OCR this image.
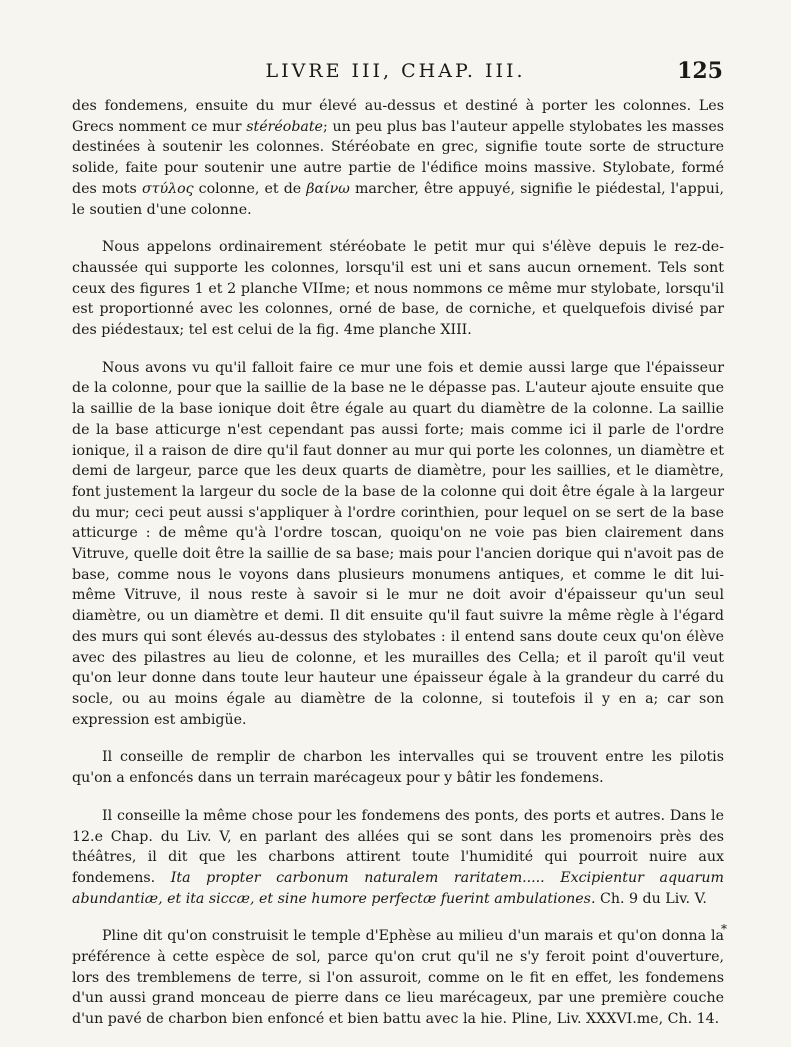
LIVRE III, CHAP. III.	125

des fondemens, ensuite du mur élevé au-dessus et destiné à porter les colonnes. Les Grecs nomment ce mur stéréobate; un peu plus bas l'auteur appelle stylobates les masses destinées à soutenir les colonnes. Stéréobate en grec, signifie toute sorte de structure solide, faite pour soutenir une autre partie de l'édifice moins massive. Stylobate, formé des mots στύλος colonne, et de βαίνω marcher, être appuyé, signifie le piédestal, l'appui, le soutien d'une colonne.

Nous appelons ordinairement stéréobate le petit mur qui s'élève depuis le rez-de-chaussée qui supporte les colonnes, lorsqu'il est uni et sans aucun ornement. Tels sont ceux des figures 1 et 2 planche VIIme; et nous nommons ce même mur stylobate, lorsqu'il est proportionné avec les colonnes, orné de base, de corniche, et quelquefois divisé par des piédestaux; tel est celui de la fig. 4me planche XIII.

Nous avons vu qu'il falloit faire ce mur une fois et demie aussi large que l'épaisseur de la colonne, pour que la saillie de la base ne le dépasse pas. L'auteur ajoute ensuite que la saillie de la base ionique doit être égale au quart du diamètre de la colonne. La saillie de la base atticurge n'est cependant pas aussi forte; mais comme ici il parle de l'ordre ionique, il a raison de dire qu'il faut donner au mur qui porte les colonnes, un diamètre et demi de largeur, parce que les deux quarts de diamètre, pour les saillies, et le diamètre, font justement la largeur du socle de la base de la colonne qui doit être égale à la largeur du mur; ceci peut aussi s'appliquer à l'ordre corinthien, pour lequel on se sert de la base atticurge : de même qu'à l'ordre toscan, quoiqu'on ne voie pas bien clairement dans Vitruve, quelle doit être la saillie de sa base; mais pour l'ancien dorique qui n'avoit pas de base, comme nous le voyons dans plusieurs monumens antiques, et comme le dit lui-même Vitruve, il nous reste à savoir si le mur ne doit avoir d'épaisseur qu'un seul diamètre, ou un diamètre et demi. Il dit ensuite qu'il faut suivre la même règle à l'égard des murs qui sont élevés au-dessus des stylobates : il entend sans doute ceux qu'on élève avec des pilastres au lieu de colonne, et les murailles des Cella; et il paroît qu'il veut qu'on leur donne dans toute leur hauteur une épaisseur égale à la grandeur du carré du socle, ou au moins égale au diamètre de la colonne, si toutefois il y en a; car son expression est ambigüe.

Il conseille de remplir de charbon les intervalles qui se trouvent entre les pilotis qu'on a enfoncés dans un terrain marécageux pour y bâtir les fondemens.

Il conseille la même chose pour les fondemens des ponts, des ports et autres. Dans le 12.e Chap. du Liv. V, en parlant des allées qui se sont dans les promenoirs près des théâtres, il dit que les charbons attirent toute l'humidité qui pourroit nuire aux fondemens. Ita propter carbonum naturalem raritatem..... Excipientur aquarum abundantiæ, et ita siccæ, et sine humore perfectæ fuerint ambulationes. Ch. 9 du Liv. V.

Pline dit qu'on construisit le temple d'Ephèse au milieu d'un marais et qu'on donna la préférence à cette espèce de sol, parce qu'on crut qu'il ne s'y feroit point d'ouverture, lors des tremblemens de terre, si l'on assuroit, comme on le fit en effet, les fondemens d'un aussi grand monceau de pierre dans ce lieu marécageux, par une première couche d'un pavé de charbon bien enfoncé et bien battu avec la hie. Pline, Liv. XXXVI.me, Ch. 14.

*
